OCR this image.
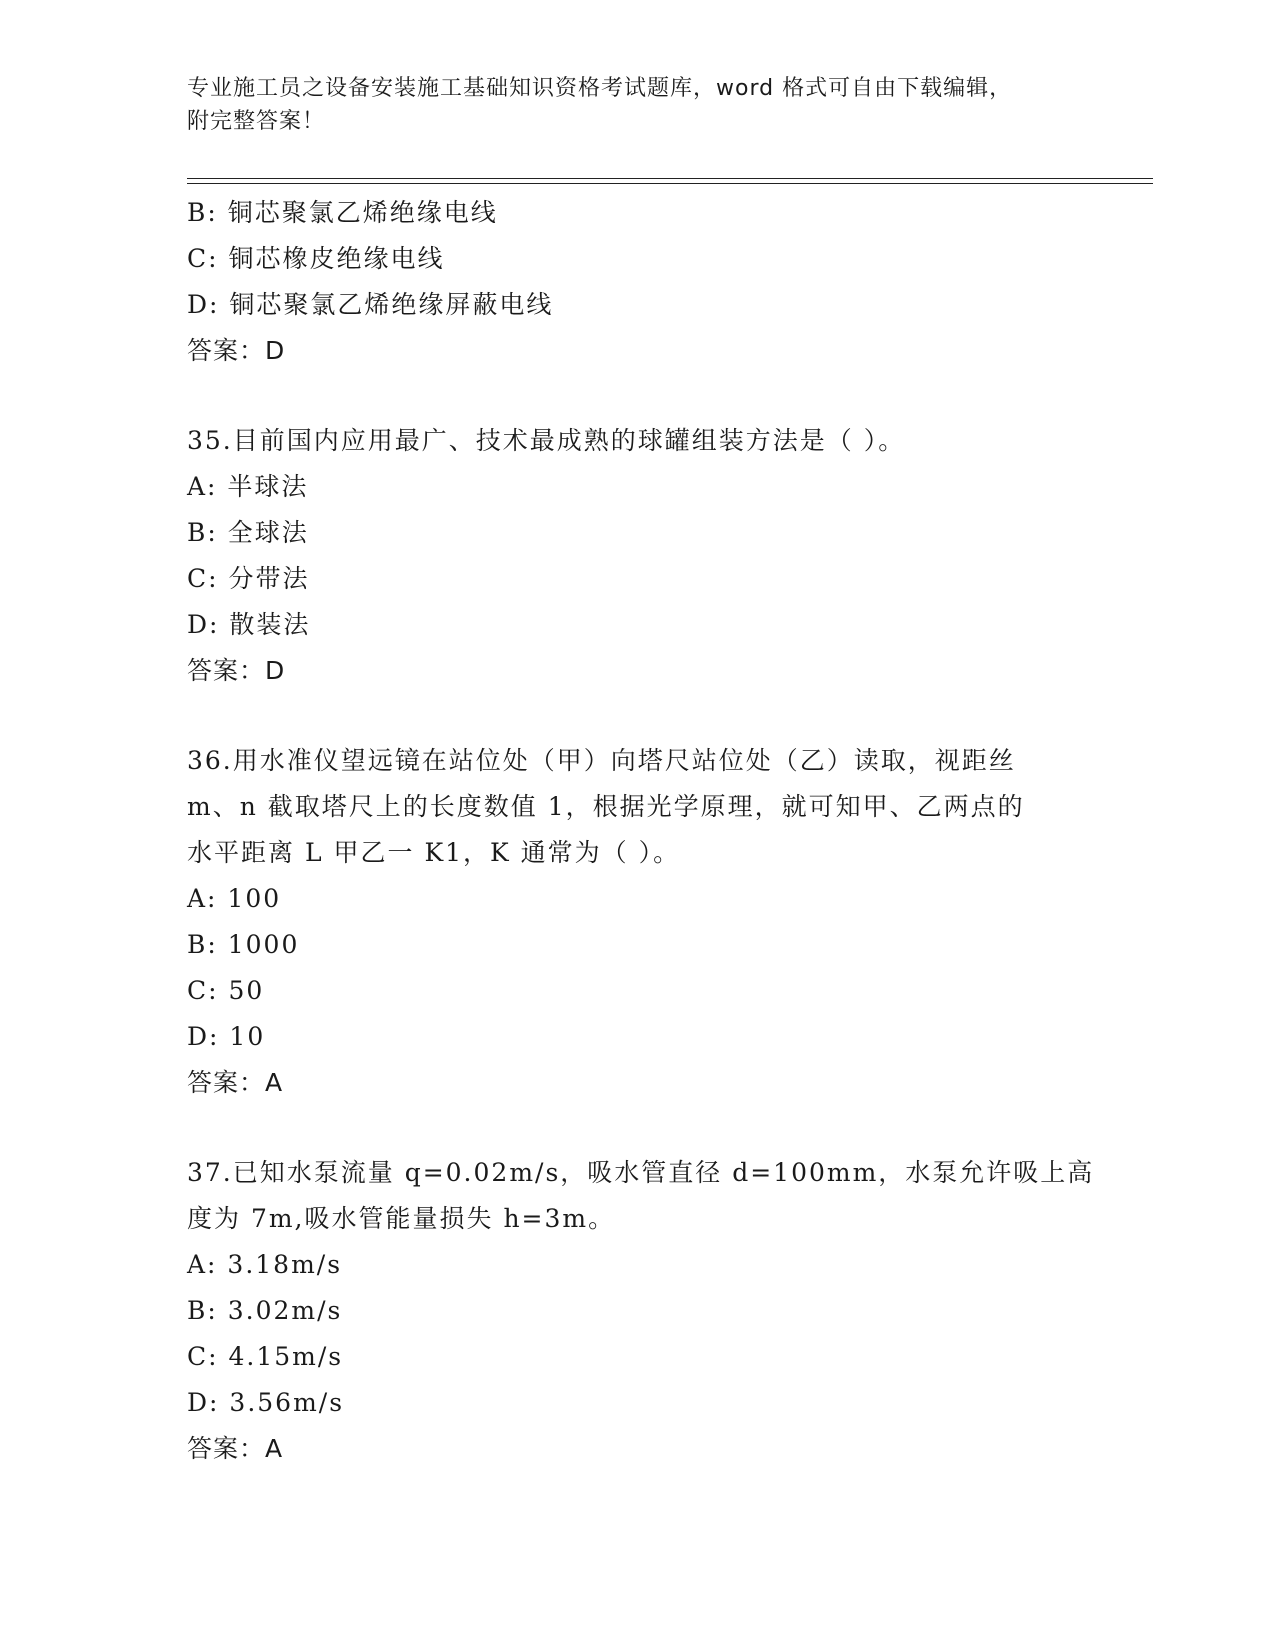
专业施工员之设备安装施工基础知识资格考试题库，word 格式可自由下载编辑，
附完整答案！
B: 铜芯聚氯乙烯绝缘电线
C: 铜芯橡皮绝缘电线
D: 铜芯聚氯乙烯绝缘屏蔽电线
答案：D
35.目前国内应用最广、技术最成熟的球罐组装方法是（ ）。
A: 半球法
B: 全球法
C: 分带法
D: 散装法
答案：D
36.用水准仪望远镜在站位处（甲）向塔尺站位处（乙）读取，视距丝
m、n 截取塔尺上的长度数值 1，根据光学原理，就可知甲、乙两点的
水平距离 L 甲乙一 K1，K 通常为（ ）。
A: 100
B: 1000
C: 50
D: 10
答案：A
37.已知水泵流量 q=0.02m/s，吸水管直径 d=100mm，水泵允许吸上高
度为 7m,吸水管能量损失 h=3m。
A: 3.18m/s
B: 3.02m/s
C: 4.15m/s
D: 3.56m/s
答案：A
